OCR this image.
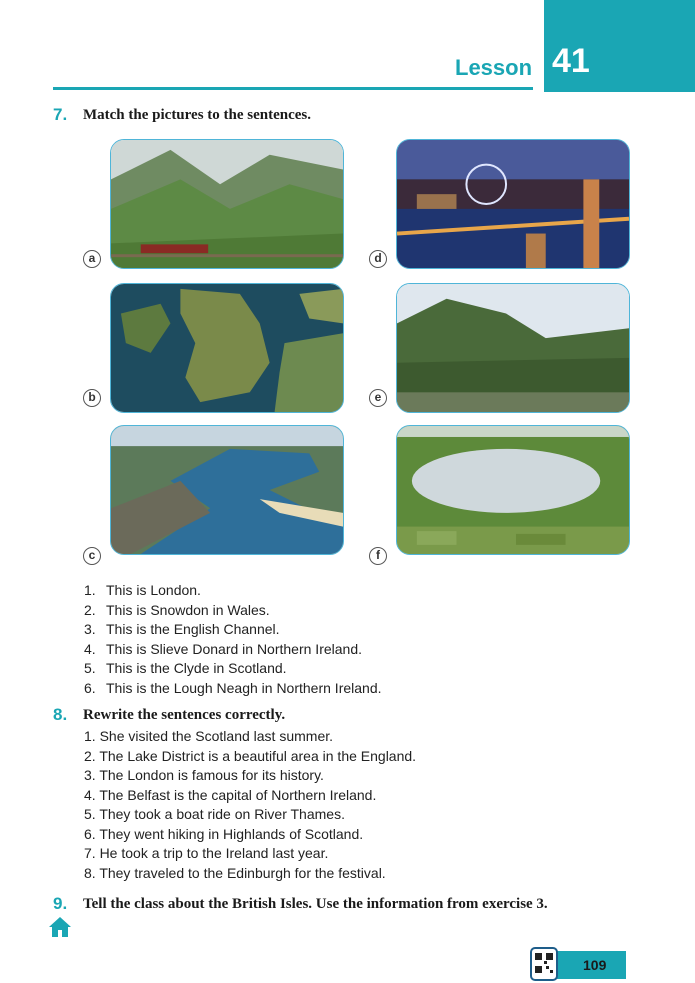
41
Lesson
7. Match the pictures to the sentences.
a	d
b	e
c	f
1. This is London.
2. This is Snowdon in Wales.
3. This is the English Channel.
4. This is Slieve Donard in Northern Ireland.
5. This is the Clyde in Scotland.
6. This is the Lough Neagh in Northern Ireland.
8. Rewrite the sentences correctly.
1. She visited the Scotland last summer.
2. The Lake District is a beautiful area in the England.
3. The London is famous for its history.
4. The Belfast is the capital of Northern Ireland.
5. They took a boat ride on River Thames.
6. They went hiking in Highlands of Scotland.
7. He took a trip to the Ireland last year.
8. They traveled to the Edinburgh for the festival.
9. Tell the class about the British Isles. Use the information from exercise 3.
109
